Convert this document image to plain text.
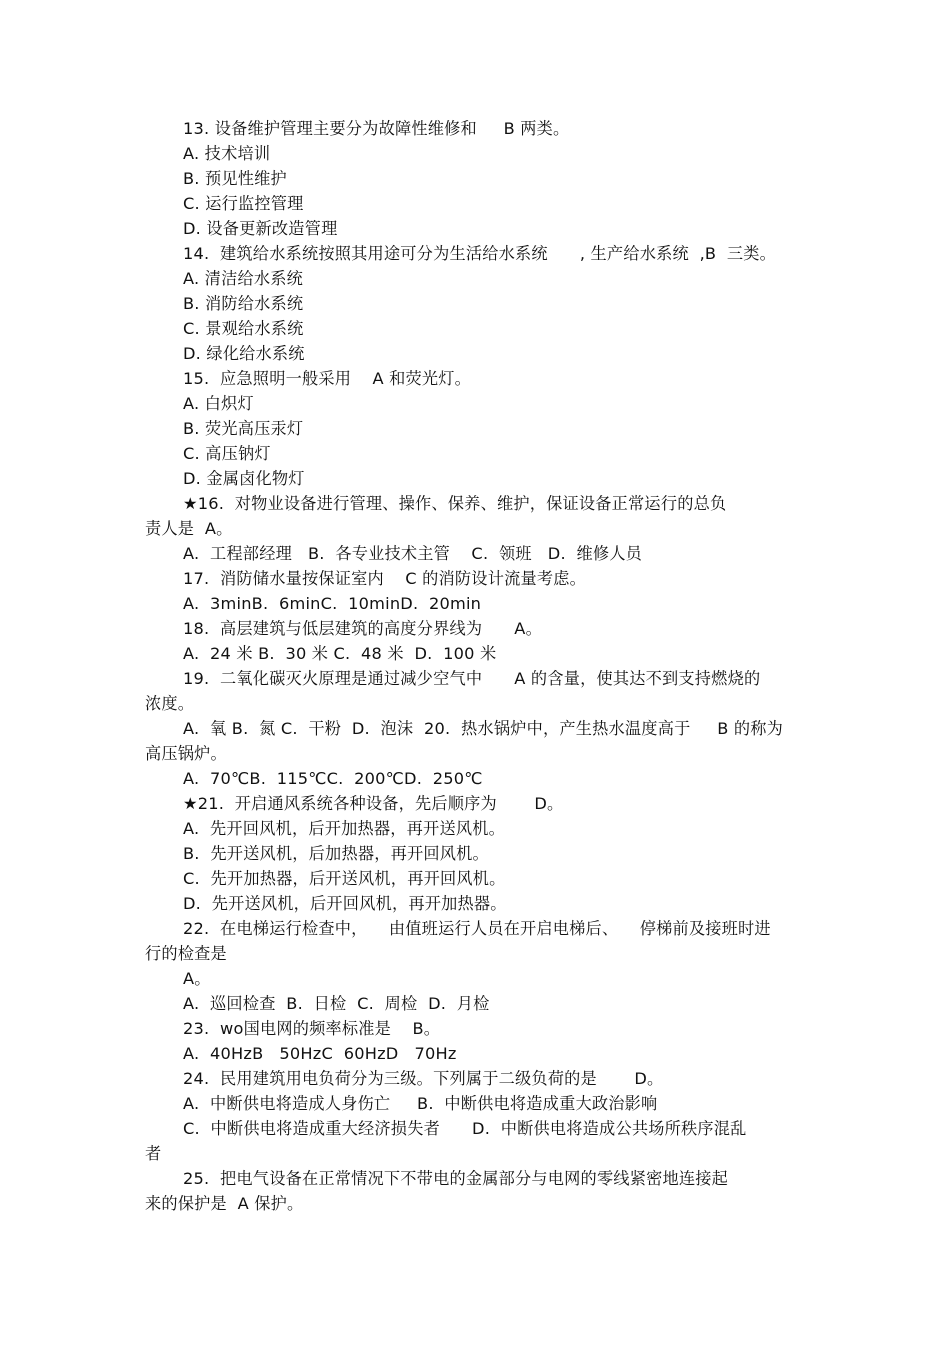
13. 设备维护管理主要分为故障性维修和     B 两类。

A. 技术培训

B. 预见性维护

C. 运行监控管理

D. 设备更新改造管理

14.  建筑给水系统按照其用途可分为生活给水系统      , 生产给水系统  ,B  三类。

A. 清洁给水系统

B. 消防给水系统

C. 景观给水系统

D. 绿化给水系统

15.  应急照明一般采用    A 和荧光灯。

A. 白炽灯

B. 荧光高压汞灯

C. 高压钠灯

D. 金属卤化物灯

★16.  对物业设备进行管理、操作、保养、维护，保证设备正常运行的总负

责人是  A。

A.  工程部经理   B.  各专业技术主管    C.  领班   D.  维修人员

17.  消防储水量按保证室内    C 的消防设计流量考虑。

A.  3minB.  6minC.  10minD.  20min

18.  高层建筑与低层建筑的高度分界线为      A。

A.  24 米 B.  30 米 C.  48 米  D.  100 米

19.  二氧化碳灭火原理是通过减少空气中      A 的含量，使其达不到支持燃烧的

浓度。

A.  氧 B.  氮 C.  干粉  D.  泡沫  20.  热水锅炉中，产生热水温度高于     B 的称为

高压锅炉。

A.  70℃B.  115℃C.  200℃D.  250℃

★21.  开启通风系统各种设备，先后顺序为       D。

A.  先开回风机，后开加热器，再开送风机。

B.  先开送风机，后加热器，再开回风机。

C.  先开加热器，后开送风机，再开回风机。

D.  先开送风机，后开回风机，再开加热器。

22.  在电梯运行检查中，    由值班运行人员在开启电梯后、    停梯前及接班时进

行的检查是

A。

A.  巡回检查  B.  日检  C.  周检  D.  月检

23.  wo国电网的频率标准是    B。

A.  40HzB   50HzC  60HzD   70Hz

24.  民用建筑用电负荷分为三级。下列属于二级负荷的是       D。

A.  中断供电将造成人身伤亡     B.  中断供电将造成重大政治影响

C.  中断供电将造成重大经济损失者      D.  中断供电将造成公共场所秩序混乱

者

25.  把电气设备在正常情况下不带电的金属部分与电网的零线紧密地连接起

来的保护是  A 保护。
